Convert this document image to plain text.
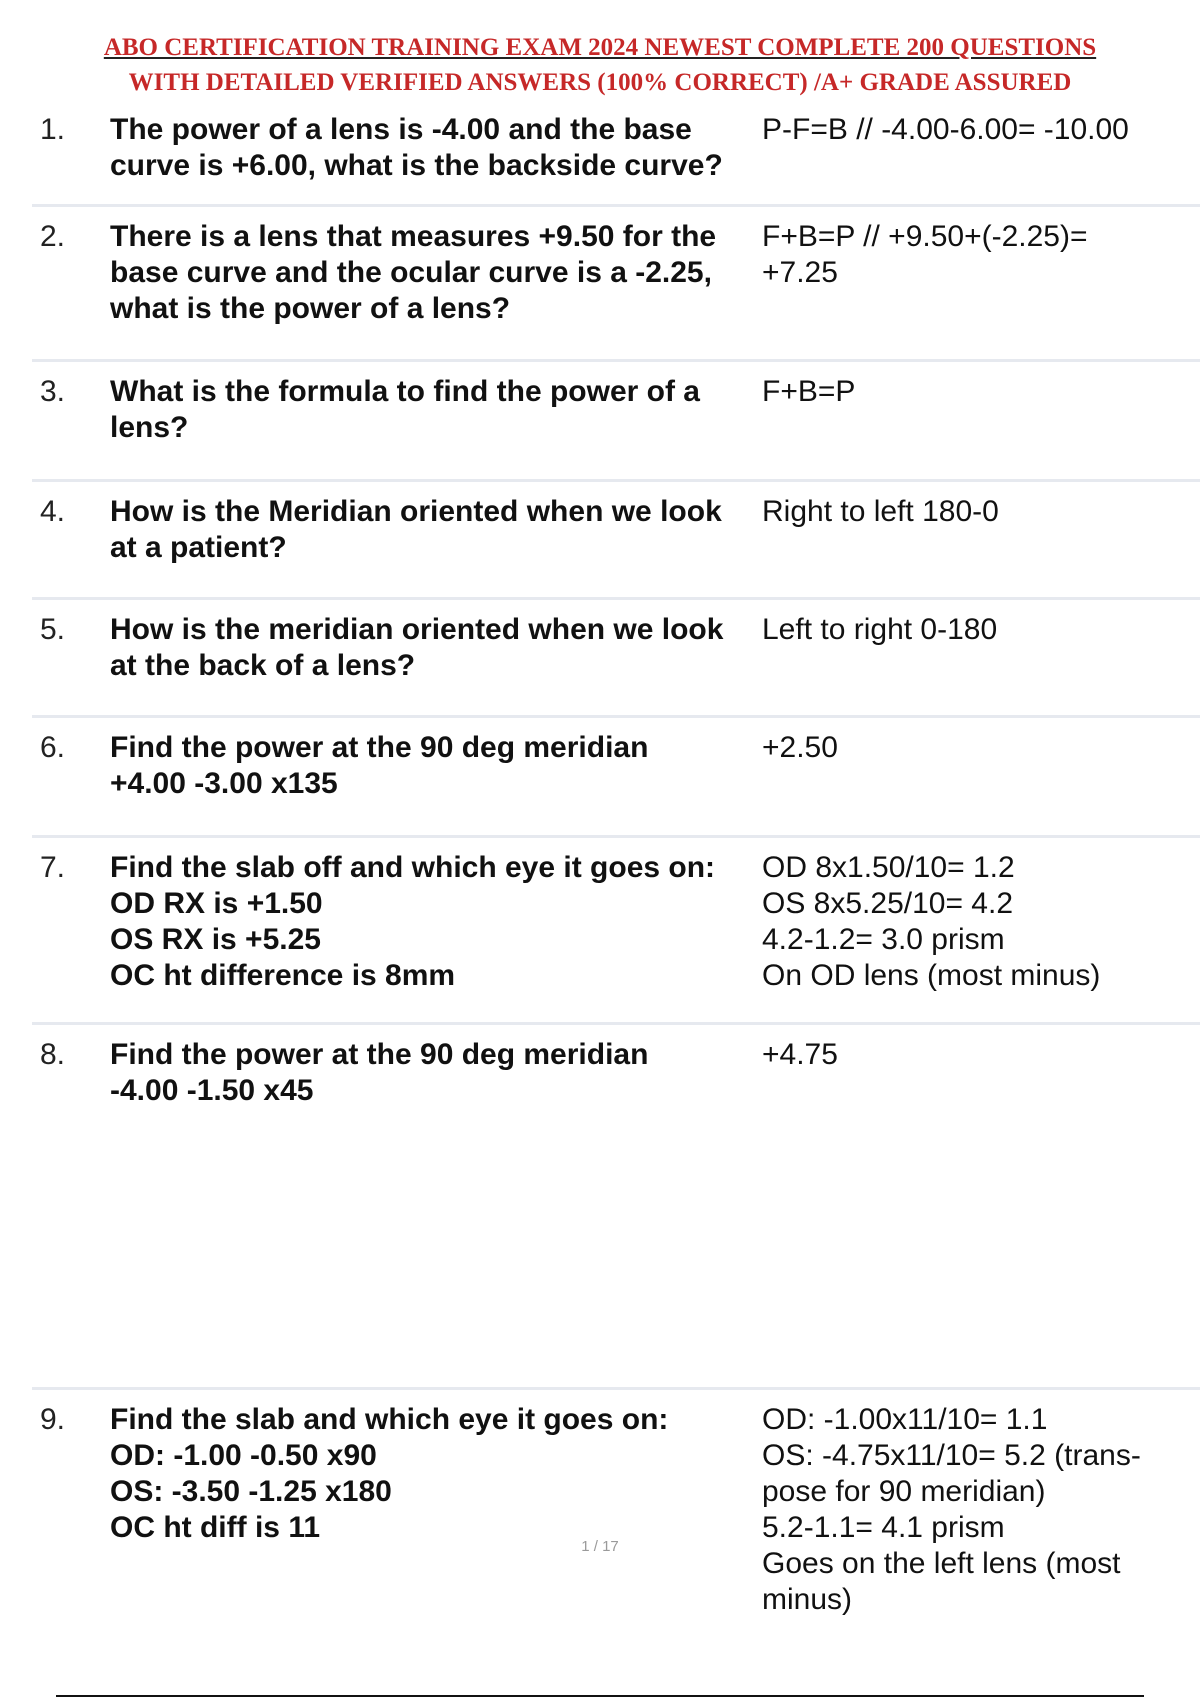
ABO CERTIFICATION TRAINING EXAM 2024 NEWEST COMPLETE 200 QUESTIONS
WITH DETAILED VERIFIED ANSWERS (100% CORRECT) /A+ GRADE ASSURED
1. The power of a lens is -4.00 and the base
curve is +6.00, what is the backside curve?
P-F=B // -4.00-6.00= -10.00
2. There is a lens that measures +9.50 for the
base curve and the ocular curve is a -2.25,
what is the power of a lens?
F+B=P // +9.50+(-2.25)=
+7.25
3. What is the formula to find the power of a
lens?
F+B=P
4. How is the Meridian oriented when we look
at a patient?
Right to left 180-0
5. How is the meridian oriented when we look
at the back of a lens?
Left to right 0-180
6. Find the power at the 90 deg meridian
+4.00 -3.00 x135
+2.50
7. Find the slab off and which eye it goes on:
OD RX is +1.50
OS RX is +5.25
OC ht difference is 8mm
OD 8x1.50/10= 1.2
OS 8x5.25/10= 4.2
4.2-1.2= 3.0 prism
On OD lens (most minus)
8. Find the power at the 90 deg meridian
-4.00 -1.50 x45
+4.75
9. Find the slab and which eye it goes on:
OD: -1.00 -0.50 x90
OS: -3.50 -1.25 x180
OC ht diff is 11
OD: -1.00x11/10= 1.1
OS: -4.75x11/10= 5.2 (trans-
pose for 90 meridian)
5.2-1.1= 4.1 prism
Goes on the left lens (most
minus)
1 / 17
